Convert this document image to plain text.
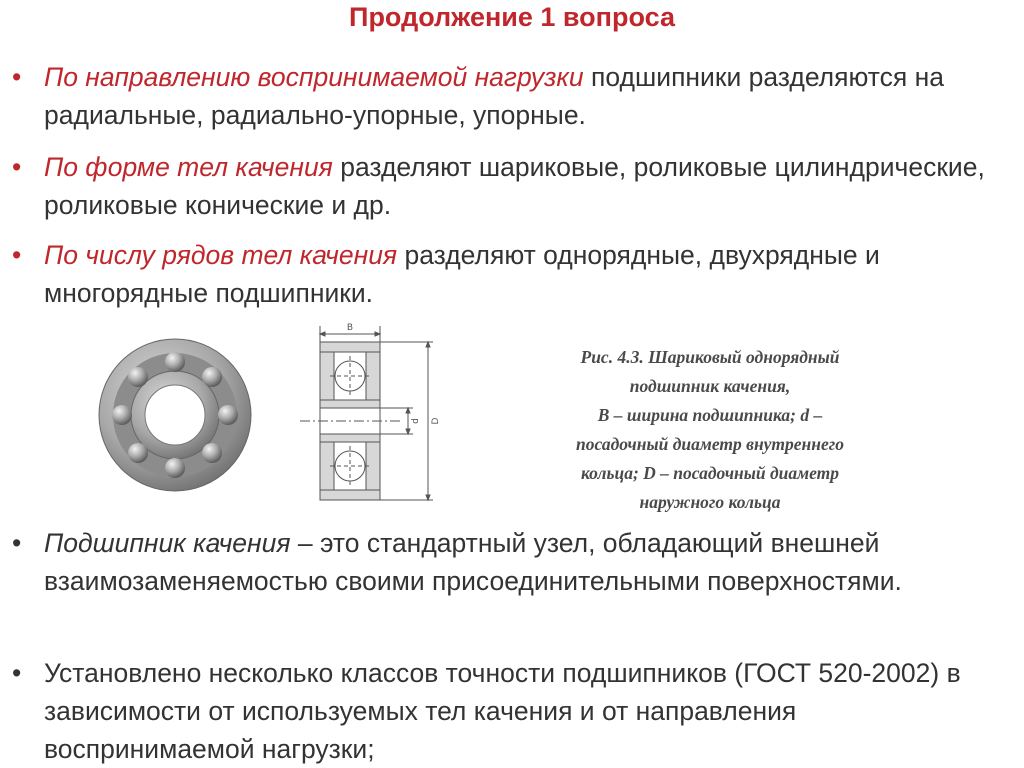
Продолжение 1 вопроса
• По направлению воспринимаемой нагрузки подшипники разделяются на радиальные, радиально-упорные, упорные.
• По форме тел качения разделяют шариковые, роликовые цилиндрические, роликовые конические и др.
• По числу рядов тел качения разделяют однорядные, двухрядные и многорядные подшипники.
B
d D
Рис. 4.3. Шариковый однорядный
подшипник качения,
В – ширина подшипника; d –
посадочный диаметр внутреннего
кольца; D – посадочный диаметр
наружного кольца
• Подшипник качения – это стандартный узел, обладающий внешней взаимозаменяемостью своими присоединительными поверхностями.
• Установлено несколько классов точности подшипников (ГОСТ 520-2002) в зависимости от используемых тел качения и от направления воспринимаемой нагрузки;
